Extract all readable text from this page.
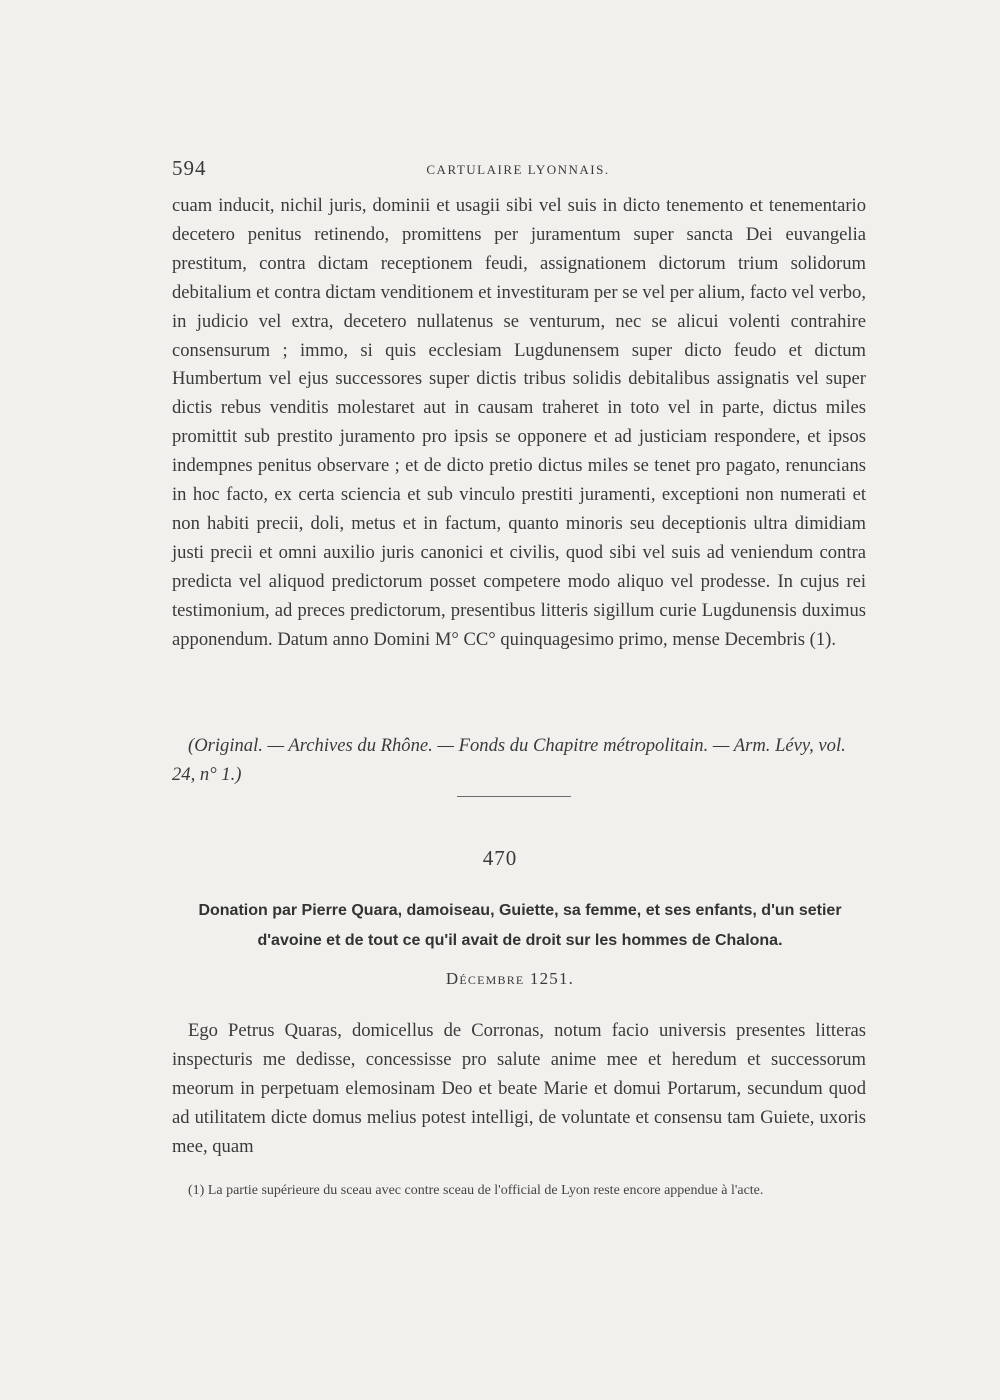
594	CARTULAIRE LYONNAIS.

cuam inducit, nichil juris, dominii et usagii sibi vel suis in dicto tenemento et tenementario decetero penitus retinendo, promittens per juramentum super sancta Dei euvangelia prestitum, contra dictam receptionem feudi, assignationem dictorum trium solidorum debitalium et contra dictam venditionem et investituram per se vel per alium, facto vel verbo, in judicio vel extra, decetero nullatenus se venturum, nec se alicui volenti contrahire consensurum ; immo, si quis ecclesiam Lugdunensem super dicto feudo et dictum Humbertum vel ejus successores super dictis tribus solidis debitalibus assignatis vel super dictis rebus venditis molestaret aut in causam traheret in toto vel in parte, dictus miles promittit sub prestito juramento pro ipsis se opponere et ad justiciam respondere, et ipsos indempnes penitus observare ; et de dicto pretio dictus miles se tenet pro pagato, renuncians in hoc facto, ex certa sciencia et sub vinculo prestiti juramenti, exceptioni non numerati et non habiti precii, doli, metus et in factum, quanto minoris seu deceptionis ultra dimidiam justi precii et omni auxilio juris canonici et civilis, quod sibi vel suis ad veniendum contra predicta vel aliquod predictorum posset competere modo aliquo vel prodesse. In cujus rei testimonium, ad preces predictorum, presentibus litteris sigillum curie Lugdunensis duximus apponendum. Datum anno Domini M° CC° quinquagesimo primo, mense Decembris (1).

(Original. — Archives du Rhône. — Fonds du Chapitre métropolitain. — Arm. Lévy, vol. 24, n° 1.)
470
Donation par Pierre Quara, damoiseau, Guiette, sa femme, et ses enfants, d'un setier d'avoine et de tout ce qu'il avait de droit sur les hommes de Chalona.
Décembre 1251.
Ego Petrus Quaras, domicellus de Corronas, notum facio universis presentes litteras inspecturis me dedisse, concessisse pro salute anime mee et heredum et successorum meorum in perpetuam elemosinam Deo et beate Marie et domui Portarum, secundum quod ad utilitatem dicte domus melius potest intelligi, de voluntate et consensu tam Guiete, uxoris mee, quam
(1) La partie supérieure du sceau avec contre sceau de l'official de Lyon reste encore appendue à l'acte.
